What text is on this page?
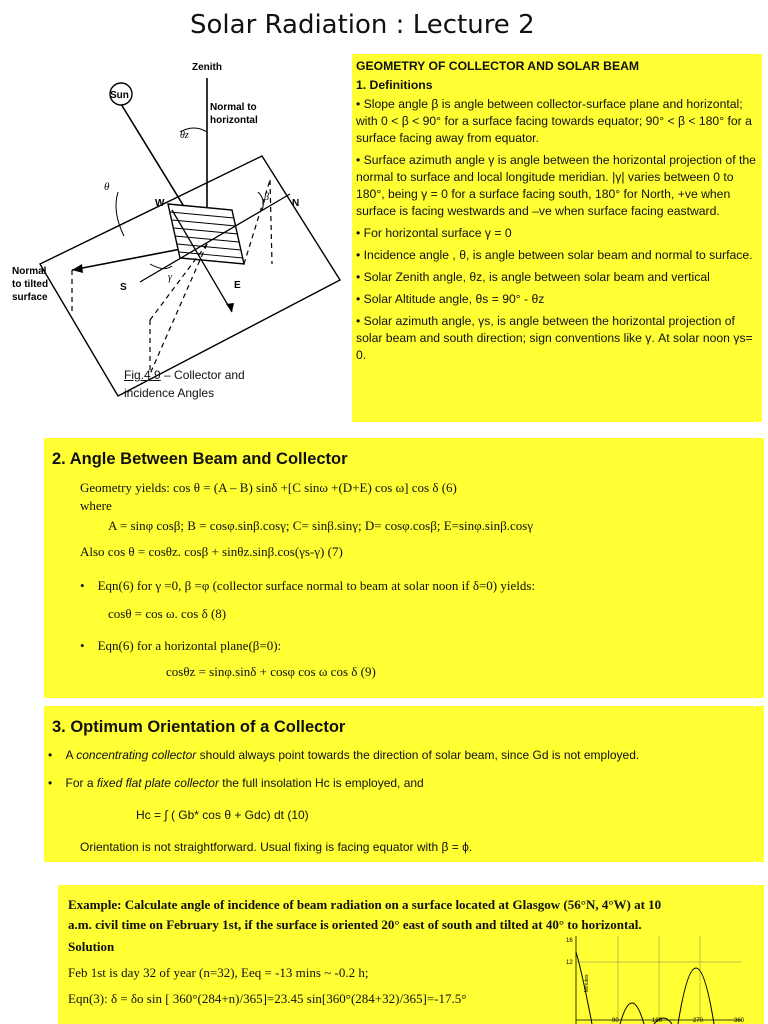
Solar Radiation : Lecture 2
Zenith
Sun
Normal to
horizontal
θz
θ
β
γ
W	N
S	E
Normal
to tilted
surface
Fig.4.9 – Collector and
incidence Angles
GEOMETRY OF COLLECTOR AND SOLAR BEAM
1. Definitions
• Slope angle β is angle between collector-surface plane and horizontal; with 0 < β < 90° for a surface facing towards equator; 90° < β < 180° for a surface facing away from equator.
• Surface azimuth angle γ is angle between the horizontal projection of the normal to surface and local longitude meridian. |γ| varies between 0 to 180°, being γ = 0 for a surface facing south, 180° for North, +ve when surface is facing westwards and –ve when surface facing eastward.
• For horizontal surface γ = 0
• Incidence angle , θ, is angle between solar beam and normal to surface.
• Solar Zenith angle, θz, is angle between solar beam and vertical
• Solar Altitude angle, θs = 90° - θz
• Solar azimuth angle, γs, is angle between the horizontal projection of solar beam and south direction; sign conventions like γ. At solar noon γs= 0.
2. Angle Between Beam and Collector
Geometry yields: cos θ = (A – B) sinδ +[C sinω +(D+E) cos ω] cos δ (6)
where
A = sinφ cosβ; B = cosφ.sinβ.cosγ; C= sinβ.sinγ; D= cosφ.cosβ; E=sinφ.sinβ.cosγ
Also cos θ = cosθz. cosβ + sinθz.sinβ.cos(γs-γ) (7)
•    Eqn(6) for γ =0, β =φ (collector surface normal to beam at solar noon if δ=0) yields:
cosθ = cos ω. cos δ (8)
•    Eqn(6) for a horizontal plane(β=0):
cosθz = sinφ.sinδ + cosφ cos ω cos δ (9)
3. Optimum Orientation of a Collector
•    A concentrating collector should always point towards the direction of solar beam, since Gd is not employed.
•    For a fixed flat plate collector the full insolation Hc is employed, and
Hc = ∫ ( Gb* cos θ + Gdc) dt (10)
Orientation is not straightforward. Usual fixing is facing equator with β = ϕ.
Example: Calculate angle of incidence of beam radiation on a surface located at Glasgow (56°N, 4°W) at 10
a.m. civil time on February 1st, if the surface is oriented 20° east of south and tilted at 40° to horizontal.
Solution
Feb 1st is day 32 of year (n=32), Eeq = -13 mins ~ -0.2 h;
Eqn(3): δ = δo sin [ 360°(284+n)/365]=23.45 sin[360°(284+32)/365]=-17.5°
16
12
90	180	270	360
Minutes
